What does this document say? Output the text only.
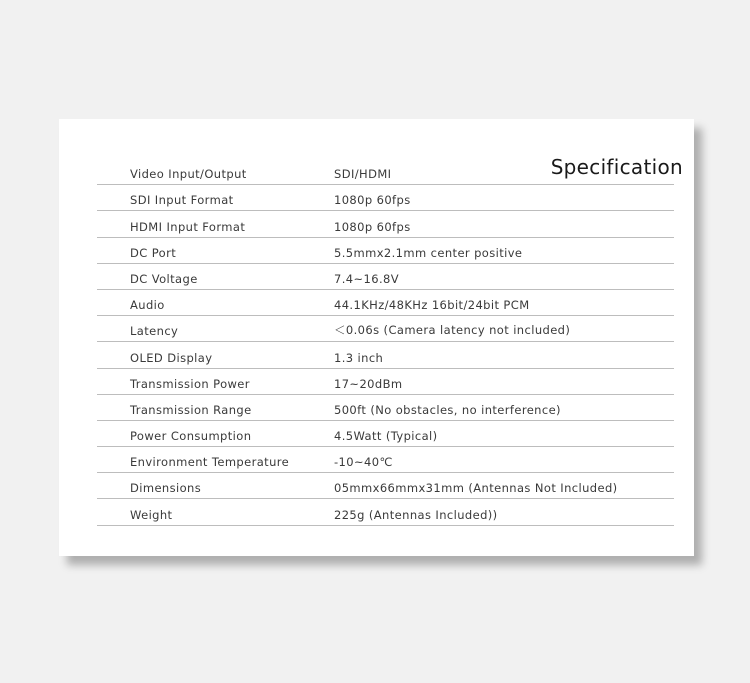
Specification
Video Input/Output	SDI/HDMI
SDI Input Format	1080p 60fps
HDMI Input Format	1080p 60fps
DC Port	5.5mmx2.1mm center positive
DC Voltage	7.4~16.8V
Audio	44.1KHz/48KHz 16bit/24bit PCM
Latency	＜0.06s (Camera latency not included)
OLED Display	1.3 inch
Transmission Power	17~20dBm
Transmission Range	500ft (No obstacles, no interference)
Power Consumption	4.5Watt (Typical)
Environment Temperature	-10~40℃
Dimensions	05mmx66mmx31mm (Antennas Not Included)
Weight	225g (Antennas Included))
